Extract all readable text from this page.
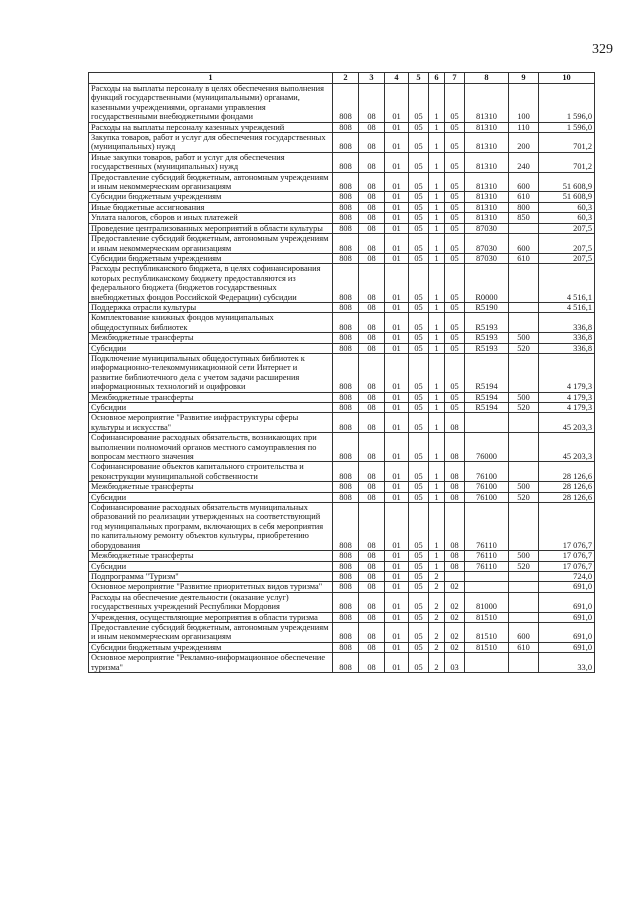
329
1	2	3	4	5	6	7	8	9	10
Расходы на выплаты персоналу в целях обеспечения выполнения функций государственными (муниципальными) органами, казенными учреждениями, органами управления государственными внебюджетными фондами	808	08	01	05	1	05	81310	100	1 596,0
Расходы на выплаты персоналу казенных учреждений	808	08	01	05	1	05	81310	110	1 596,0
Закупка товаров, работ и услуг для обеспечения государственных (муниципальных) нужд	808	08	01	05	1	05	81310	200	701,2
Иные закупки товаров, работ и услуг для обеспечения государственных (муниципальных) нужд	808	08	01	05	1	05	81310	240	701,2
Предоставление субсидий бюджетным, автономным учреждениям и иным некоммерческим организациям	808	08	01	05	1	05	81310	600	51 608,9
Субсидии бюджетным учреждениям	808	08	01	05	1	05	81310	610	51 608,9
Иные бюджетные ассигнования	808	08	01	05	1	05	81310	800	60,3
Уплата налогов, сборов и иных платежей	808	08	01	05	1	05	81310	850	60,3
Проведение централизованных мероприятий в области культуры	808	08	01	05	1	05	87030		207,5
Предоставление субсидий бюджетным, автономным учреждениям и иным некоммерческим организациям	808	08	01	05	1	05	87030	600	207,5
Субсидии бюджетным учреждениям	808	08	01	05	1	05	87030	610	207,5
Расходы республиканского бюджета, в целях софинансирования которых республиканскому бюджету предоставляются из федерального бюджета (бюджетов государственных внебюджетных фондов Российской Федерации) субсидии	808	08	01	05	1	05	R0000		4 516,1
Поддержка отрасли культуры	808	08	01	05	1	05	R5190		4 516,1
Комплектование книжных фондов муниципальных общедоступных библиотек	808	08	01	05	1	05	R5193		336,8
Межбюджетные трансферты	808	08	01	05	1	05	R5193	500	336,8
Субсидии	808	08	01	05	1	05	R5193	520	336,8
Подключение муниципальных общедоступных библиотек к информационно-телекоммуникационной сети Интернет и развитие библиотечного дела с учетом задачи расширения информационных технологий и оцифровки	808	08	01	05	1	05	R5194		4 179,3
Межбюджетные трансферты	808	08	01	05	1	05	R5194	500	4 179,3
Субсидии	808	08	01	05	1	05	R5194	520	4 179,3
Основное мероприятие "Развитие инфраструктуры сферы культуры и искусства"	808	08	01	05	1	08			45 203,3
Софинансирование расходных обязательств, возникающих при выполнении полномочий органов местного самоуправления по вопросам местного значения	808	08	01	05	1	08	76000		45 203,3
Софинансирование объектов капитального строительства и реконструкции муниципальной собственности	808	08	01	05	1	08	76100		28 126,6
Межбюджетные трансферты	808	08	01	05	1	08	76100	500	28 126,6
Субсидии	808	08	01	05	1	08	76100	520	28 126,6
Софинансирование расходных обязательств муниципальных образований по реализации утвержденных на соответствующий год муниципальных программ, включающих в себя мероприятия по капитальному ремонту объектов культуры, приобретению оборудования	808	08	01	05	1	08	76110		17 076,7
Межбюджетные трансферты	808	08	01	05	1	08	76110	500	17 076,7
Субсидии	808	08	01	05	1	08	76110	520	17 076,7
Подпрограмма "Туризм"	808	08	01	05	2				724,0
Основное мероприятие "Развитие приоритетных видов туризма"	808	08	01	05	2	02			691,0
Расходы на обеспечение деятельности (оказание услуг) государственных учреждений Республики Мордовия	808	08	01	05	2	02	81000		691,0
Учреждения, осуществляющие мероприятия в области туризма	808	08	01	05	2	02	81510		691,0
Предоставление субсидий бюджетным, автономным учреждениям и иным некоммерческим организациям	808	08	01	05	2	02	81510	600	691,0
Субсидии бюджетным учреждениям	808	08	01	05	2	02	81510	610	691,0
Основное мероприятие "Рекламно-информационное обеспечение туризма"	808	08	01	05	2	03			33,0
